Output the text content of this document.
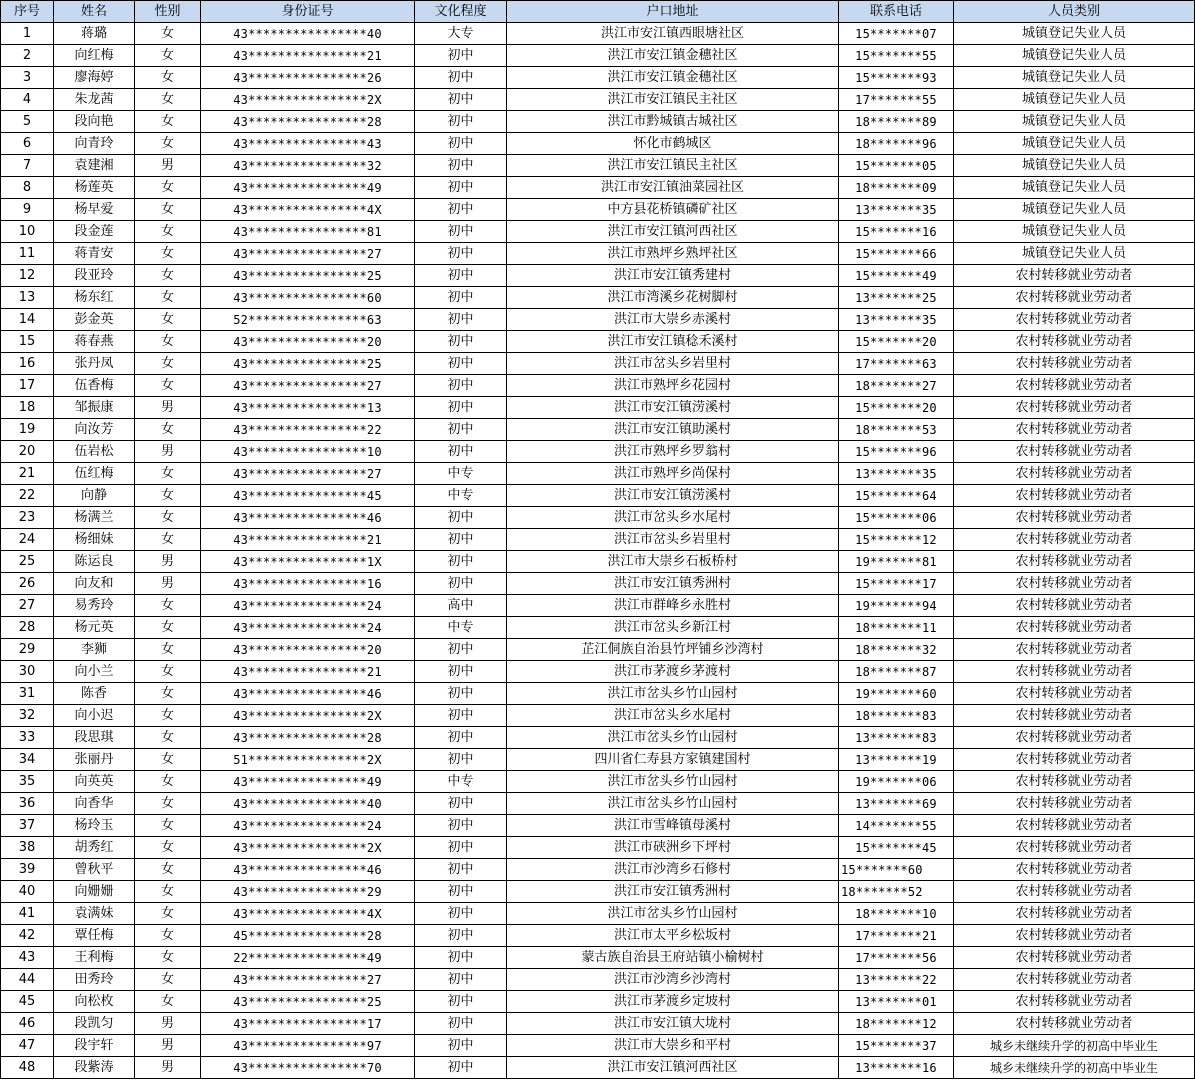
序号	姓名	性别	身份证号	文化程度	户口地址	联系电话	人员类别
1	蒋璐	女	43****************40	大专	洪江市安江镇西眼塘社区	15*******07	城镇登记失业人员
2	向红梅	女	43****************21	初中	洪江市安江镇金穗社区	15*******55	城镇登记失业人员
3	廖海婷	女	43****************26	初中	洪江市安江镇金穗社区	15*******93	城镇登记失业人员
4	朱龙茜	女	43****************2X	初中	洪江市安江镇民主社区	17*******55	城镇登记失业人员
5	段向艳	女	43****************28	初中	洪江市黔城镇古城社区	18*******89	城镇登记失业人员
6	向青玲	女	43****************43	初中	怀化市鹤城区	18*******96	城镇登记失业人员
7	袁建湘	男	43****************32	初中	洪江市安江镇民主社区	15*******05	城镇登记失业人员
8	杨莲英	女	43****************49	初中	洪江市安江镇油菜园社区	18*******09	城镇登记失业人员
9	杨早爱	女	43****************4X	初中	中方县花桥镇磷矿社区	13*******35	城镇登记失业人员
10	段金莲	女	43****************81	初中	洪江市安江镇河西社区	15*******16	城镇登记失业人员
11	蒋青安	女	43****************27	初中	洪江市熟坪乡熟坪社区	15*******66	城镇登记失业人员
12	段亚玲	女	43****************25	初中	洪江市安江镇秀建村	15*******49	农村转移就业劳动者
13	杨东红	女	43****************60	初中	洪江市湾溪乡花树脚村	13*******25	农村转移就业劳动者
14	彭金英	女	52****************63	初中	洪江市大崇乡赤溪村	13*******35	农村转移就业劳动者
15	蒋春燕	女	43****************20	初中	洪江市安江镇稔禾溪村	15*******20	农村转移就业劳动者
16	张丹凤	女	43****************25	初中	洪江市岔头乡岩里村	17*******63	农村转移就业劳动者
17	伍香梅	女	43****************27	初中	洪江市熟坪乡花园村	18*******27	农村转移就业劳动者
18	邹振康	男	43****************13	初中	洪江市安江镇涝溪村	15*******20	农村转移就业劳动者
19	向汝芳	女	43****************22	初中	洪江市安江镇助溪村	18*******53	农村转移就业劳动者
20	伍岩松	男	43****************10	初中	洪江市熟坪乡罗翁村	15*******96	农村转移就业劳动者
21	伍红梅	女	43****************27	中专	洪江市熟坪乡尚保村	13*******35	农村转移就业劳动者
22	向静	女	43****************45	中专	洪江市安江镇涝溪村	15*******64	农村转移就业劳动者
23	杨满兰	女	43****************46	初中	洪江市岔头乡水尾村	15*******06	农村转移就业劳动者
24	杨细妹	女	43****************21	初中	洪江市岔头乡岩里村	15*******12	农村转移就业劳动者
25	陈运良	男	43****************1X	初中	洪江市大崇乡石板桥村	19*******81	农村转移就业劳动者
26	向友和	男	43****************16	初中	洪江市安江镇秀洲村	15*******17	农村转移就业劳动者
27	易秀玲	女	43****************24	高中	洪江市群峰乡永胜村	19*******94	农村转移就业劳动者
28	杨元英	女	43****************24	中专	洪江市岔头乡新江村	18*******11	农村转移就业劳动者
29	李狮	女	43****************20	初中	芷江侗族自治县竹坪铺乡沙湾村	18*******32	农村转移就业劳动者
30	向小兰	女	43****************21	初中	洪江市茅渡乡茅渡村	18*******87	农村转移就业劳动者
31	陈香	女	43****************46	初中	洪江市岔头乡竹山园村	19*******60	农村转移就业劳动者
32	向小迟	女	43****************2X	初中	洪江市岔头乡水尾村	18*******83	农村转移就业劳动者
33	段思琪	女	43****************28	初中	洪江市岔头乡竹山园村	13*******83	农村转移就业劳动者
34	张丽丹	女	51****************2X	初中	四川省仁寿县方家镇建国村	13*******19	农村转移就业劳动者
35	向英英	女	43****************49	中专	洪江市岔头乡竹山园村	19*******06	农村转移就业劳动者
36	向香华	女	43****************40	初中	洪江市岔头乡竹山园村	13*******69	农村转移就业劳动者
37	杨玲玉	女	43****************24	初中	洪江市雪峰镇母溪村	14*******55	农村转移就业劳动者
38	胡秀红	女	43****************2X	初中	洪江市硖洲乡下坪村	15*******45	农村转移就业劳动者
39	曾秋平	女	43****************46	初中	洪江市沙湾乡石修村	15*******60	农村转移就业劳动者
40	向姗姗	女	43****************29	初中	洪江市安江镇秀洲村	18*******52	农村转移就业劳动者
41	袁满妹	女	43****************4X	初中	洪江市岔头乡竹山园村	18*******10	农村转移就业劳动者
42	覃任梅	女	45****************28	初中	洪江市太平乡松坂村	17*******21	农村转移就业劳动者
43	王利梅	女	22****************49	初中	蒙古族自治县王府站镇小榆树村	17*******56	农村转移就业劳动者
44	田秀玲	女	43****************27	初中	洪江市沙湾乡沙湾村	13*******22	农村转移就业劳动者
45	向松枚	女	43****************25	初中	洪江市茅渡乡定坡村	13*******01	农村转移就业劳动者
46	段凯匀	男	43****************17	初中	洪江市安江镇大垅村	18*******12	农村转移就业劳动者
47	段宇轩	男	43****************97	初中	洪江市大崇乡和平村	15*******37	城乡未继续升学的初高中毕业生
48	段紫涛	男	43****************70	初中	洪江市安江镇河西社区	13*******16	城乡未继续升学的初高中毕业生
